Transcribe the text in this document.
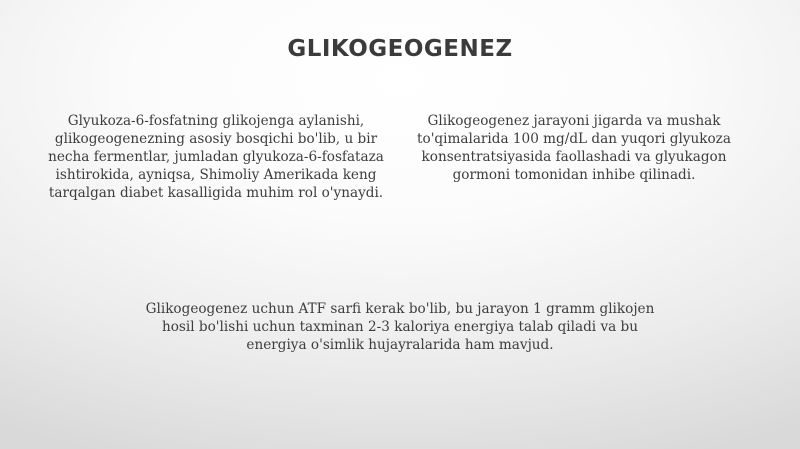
GLIKOGEOGENEZ
Glyukoza-6-fosfatning glikojenga aylanishi, glikogeogenezning asosiy bosqichi bo'lib, u bir necha fermentlar, jumladan glyukoza-6-fosfataza ishtirokida, ayniqsa, Shimoliy Amerikada keng tarqalgan diabet kasalligida muhim rol o'ynaydi.
Glikogeogenez jarayoni jigarda va mushak to'qimalarida 100 mg/dL dan yuqori glyukoza konsentratsiyasida faollashadi va glyukagon gormoni tomonidan inhibe qilinadi.
Glikogeogenez uchun ATF sarfi kerak bo'lib, bu jarayon 1 gramm glikojen hosil bo'lishi uchun taxminan 2-3 kaloriya energiya talab qiladi va bu energiya o'simlik hujayralarida ham mavjud.
